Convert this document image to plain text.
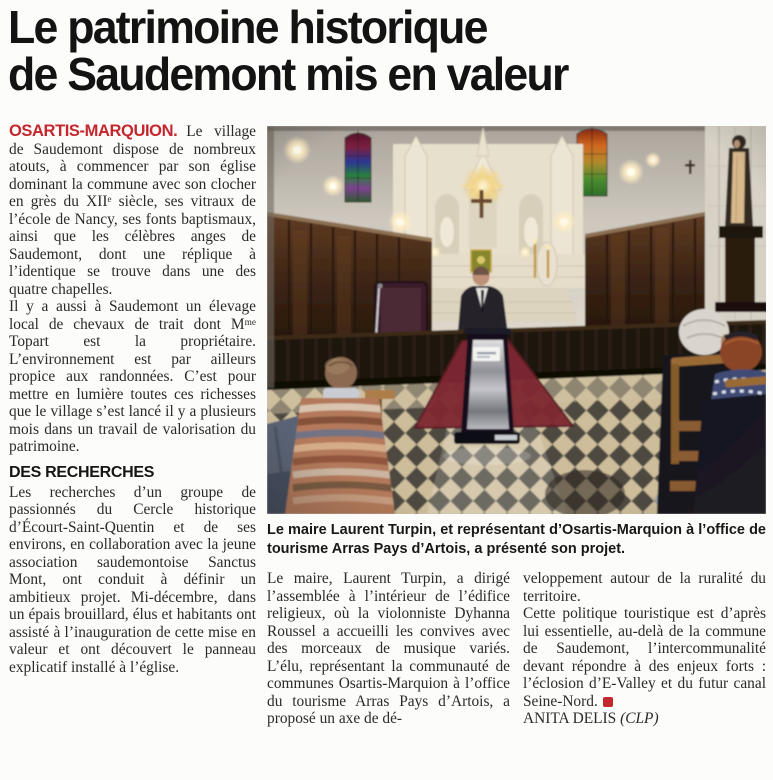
Le patrimoine historique
de Saudemont mis en valeur

OSARTIS-MARQUION. Le village de Saudemont dispose de nombreux atouts, à commencer par son église dominant la commune avec son clocher en grès du XIIᵉ siècle, ses vitraux de l’école de Nancy, ses fonts baptismaux, ainsi que les célèbres anges de Saudemont, dont une réplique à l’identique se trouve dans une des quatre chapelles.

Il y a aussi à Saudemont un élevage local de chevaux de trait dont Mᵐᵉ Topart est la propriétaire. L’environnement est par ailleurs propice aux randonnées. C’est pour mettre en lumière toutes ces richesses que le village s’est lancé il y a plusieurs mois dans un travail de valorisation du patrimoine.

DES RECHERCHES

Les recherches d’un groupe de passionnés du Cercle historique d’Écourt-Saint-Quentin et de ses environs, en collaboration avec la jeune association saudemontoise Sanctus Mont, ont conduit à définir un ambitieux projet. Mi-décembre, dans un épais brouillard, élus et habitants ont assisté à l’inauguration de cette mise en valeur et ont découvert le panneau explicatif installé à l’église.

Le maire Laurent Turpin, et représentant d’Osartis-Marquion à l’office de tourisme Arras Pays d’Artois, a présenté son projet.

Le maire, Laurent Turpin, a dirigé l’assemblée à l’intérieur de l’édifice religieux, où la violonniste Dyhanna Roussel a accueilli les convives avec des morceaux de musique variés. L’élu, représentant la communauté de communes Osartis-Marquion à l’office du tourisme Arras Pays d’Artois, a proposé un axe de dé-

veloppement autour de la ruralité du territoire.

Cette politique touristique est d’après lui essentielle, au-delà de la commune de Saudemont, l’intercommunalité devant répondre à des enjeux forts : l’éclosion d’E-Valley et du futur canal Seine-Nord.

ANITA DELIS (CLP)
